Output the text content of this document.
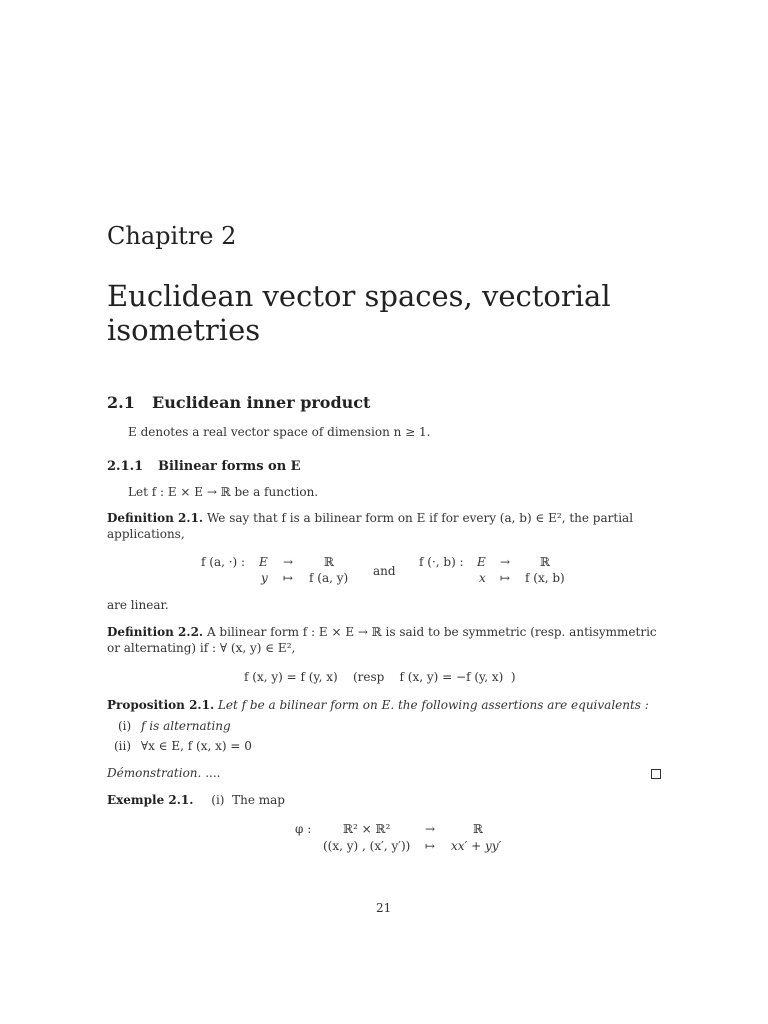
Chapitre 2
Euclidean vector spaces, vectorial isometries
2.1 Euclidean inner product
E denotes a real vector space of dimension n ≥ 1.
2.1.1 Bilinear forms on E
Let f : E × E → ℝ be a function.
Definition 2.1. We say that f is a bilinear form on E if for every (a, b) ∈ E², the partial
applications,
f (a, ·) : E →	ℝ
y ↦ f (a, y) and
f (·, b) : E → ℝ
x ↦ f (x, b)
are linear.
Definition 2.2. A bilinear form f : E × E → ℝ is said to be symmetric (resp. antisymmetric
or alternating) if : ∀ (x, y) ∈ E²,
f (x, y) = f (y, x)    (resp    f (x, y) = −f (y, x)  )
Proposition 2.1. Let f be a bilinear form on E. the following assertions are equivalents :
(i) f is alternating
(ii) ∀x ∈ E, f (x, x) = 0
Démonstration. ....
Exemple 2.1. (i)  The map
φ :	ℝ² × ℝ²	→	ℝ
((x, y) , (x′, y′)) ↦ xx′ + yy′
21
